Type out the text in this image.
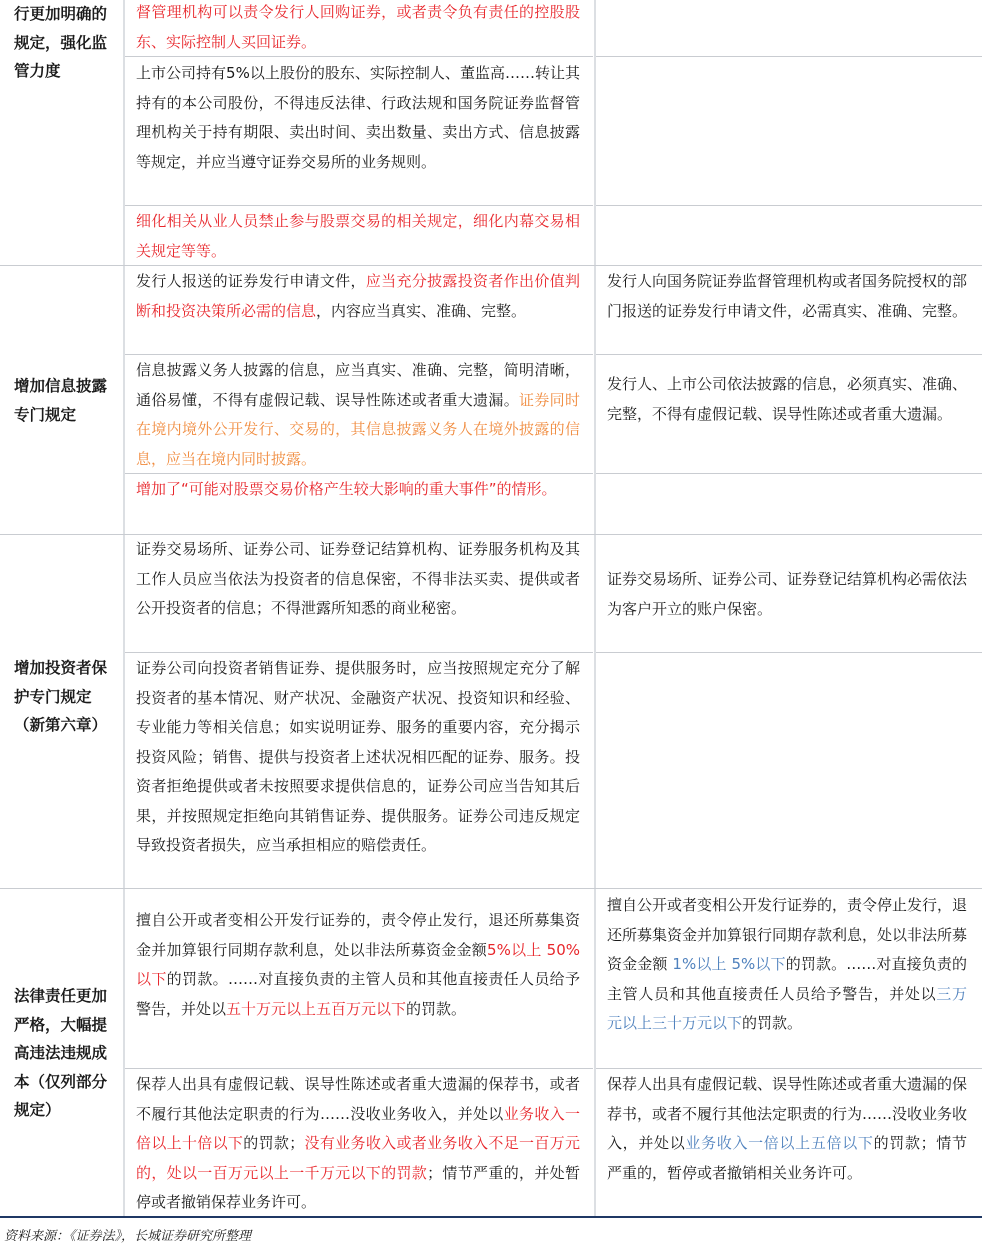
行更加明确的规定，强化监管力度
督管理机构可以责令发行人回购证券，或者责令负有责任的控股股东、实际控制人买回证券。
上市公司持有5%以上股份的股东、实际控制人、董监高……转让其持有的本公司股份，不得违反法律、行政法规和国务院证券监督管理机构关于持有期限、卖出时间、卖出数量、卖出方式、信息披露等规定，并应当遵守证券交易所的业务规则。
细化相关从业人员禁止参与股票交易的相关规定，细化内幕交易相关规定等等。
增加信息披露专门规定
发行人报送的证券发行申请文件，应当充分披露投资者作出价值判断和投资决策所必需的信息，内容应当真实、准确、完整。
发行人向国务院证券监督管理机构或者国务院授权的部门报送的证券发行申请文件，必需真实、准确、完整。
信息披露义务人披露的信息，应当真实、准确、完整，简明清晰，通俗易懂，不得有虚假记载、误导性陈述或者重大遗漏。证券同时在境内境外公开发行、交易的，其信息披露义务人在境外披露的信息，应当在境内同时披露。
发行人、上市公司依法披露的信息，必须真实、准确、完整，不得有虚假记载、误导性陈述或者重大遗漏。
增加了“可能对股票交易价格产生较大影响的重大事件”的情形。
增加投资者保护专门规定（新第六章）
证券交易场所、证券公司、证券登记结算机构、证券服务机构及其工作人员应当依法为投资者的信息保密，不得非法买卖、提供或者公开投资者的信息；不得泄露所知悉的商业秘密。
证券交易场所、证券公司、证券登记结算机构必需依法为客户开立的账户保密。
证券公司向投资者销售证券、提供服务时，应当按照规定充分了解投资者的基本情况、财产状况、金融资产状况、投资知识和经验、专业能力等相关信息；如实说明证券、服务的重要内容，充分揭示投资风险；销售、提供与投资者上述状况相匹配的证券、服务。投资者拒绝提供或者未按照要求提供信息的，证券公司应当告知其后果，并按照规定拒绝向其销售证券、提供服务。证券公司违反规定导致投资者损失，应当承担相应的赔偿责任。
法律责任更加严格，大幅提高违法违规成本（仅列部分规定）
擅自公开或者变相公开发行证券的，责令停止发行，退还所募集资金并加算银行同期存款利息，处以非法所募资金金额5%以上 50%以下的罚款。……对直接负责的主管人员和其他直接责任人员给予警告，并处以五十万元以上五百万元以下的罚款。
擅自公开或者变相公开发行证券的，责令停止发行，退还所募集资金并加算银行同期存款利息，处以非法所募资金金额 1%以上 5%以下的罚款。……对直接负责的主管人员和其他直接责任人员给予警告，并处以三万元以上三十万元以下的罚款。
保荐人出具有虚假记载、误导性陈述或者重大遗漏的保荐书，或者不履行其他法定职责的行为……没收业务收入，并处以业务收入一倍以上十倍以下的罚款；没有业务收入或者业务收入不足一百万元的，处以一百万元以上一千万元以下的罚款；情节严重的，并处暂停或者撤销保荐业务许可。
保荐人出具有虚假记载、误导性陈述或者重大遗漏的保荐书，或者不履行其他法定职责的行为……没收业务收入，并处以业务收入一倍以上五倍以下的罚款；情节严重的，暂停或者撤销相关业务许可。
资料来源：《证券法》，长城证券研究所整理
